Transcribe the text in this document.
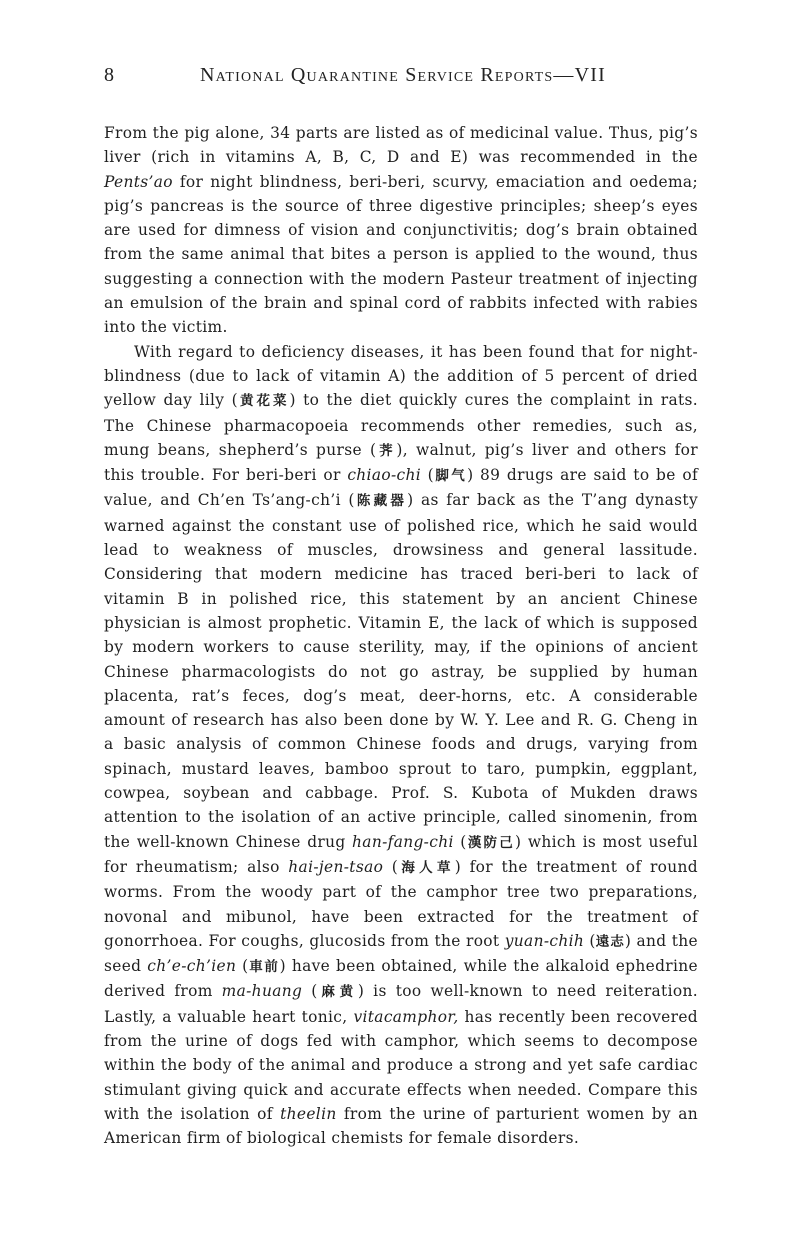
8	National Quarantine Service Reports—VII

From the pig alone, 34 parts are listed as of medicinal value. Thus, pig’s liver (rich in vitamins A, B, C, D and E) was recommended in the Pents’ao for night blindness, beri-beri, scurvy, emaciation and oedema; pig’s pancreas is the source of three digestive principles; sheep’s eyes are used for dimness of vision and conjunctivitis; dog’s brain obtained from the same animal that bites a person is applied to the wound, thus suggesting a connection with the modern Pasteur treatment of injecting an emulsion of the brain and spinal cord of rabbits infected with rabies into the victim.

With regard to deficiency diseases, it has been found that for night-blindness (due to lack of vitamin A) the addition of 5 percent of dried yellow day lily (黄花菜) to the diet quickly cures the complaint in rats. The Chinese pharmacopoeia recommends other remedies, such as, mung beans, shepherd’s purse (荠), walnut, pig’s liver and others for this trouble. For beri-beri or chiao-chi (脚气) 89 drugs are said to be of value, and Ch’en Ts’ang-ch’i (陈藏器) as far back as the T’ang dynasty warned against the constant use of polished rice, which he said would lead to weakness of muscles, drowsiness and general lassitude. Considering that modern medicine has traced beri-beri to lack of vitamin B in polished rice, this statement by an ancient Chinese physician is almost prophetic. Vitamin E, the lack of which is supposed by modern workers to cause sterility, may, if the opinions of ancient Chinese pharmacologists do not go astray, be supplied by human placenta, rat’s feces, dog’s meat, deer-horns, etc. A considerable amount of research has also been done by W. Y. Lee and R. G. Cheng in a basic analysis of common Chinese foods and drugs, varying from spinach, mustard leaves, bamboo sprout to taro, pumpkin, eggplant, cowpea, soybean and cabbage. Prof. S. Kubota of Mukden draws attention to the isolation of an active principle, called sinomenin, from the well-known Chinese drug han-fang-chi (漢防己) which is most useful for rheumatism; also hai-jen-tsao (海人草) for the treatment of round worms. From the woody part of the camphor tree two preparations, novonal and mibunol, have been extracted for the treatment of gonorrhoea. For coughs, glucosids from the root yuan-chih (遠志) and the seed ch’e-ch’ien (車前) have been obtained, while the alkaloid ephedrine derived from ma-huang (麻黄) is too well-known to need reiteration. Lastly, a valuable heart tonic, vitacamphor, has recently been recovered from the urine of dogs fed with camphor, which seems to decompose within the body of the animal and produce a strong and yet safe cardiac stimulant giving quick and accurate effects when needed. Compare this with the isolation of theelin from the urine of parturient women by an American firm of biological chemists for female disorders.
